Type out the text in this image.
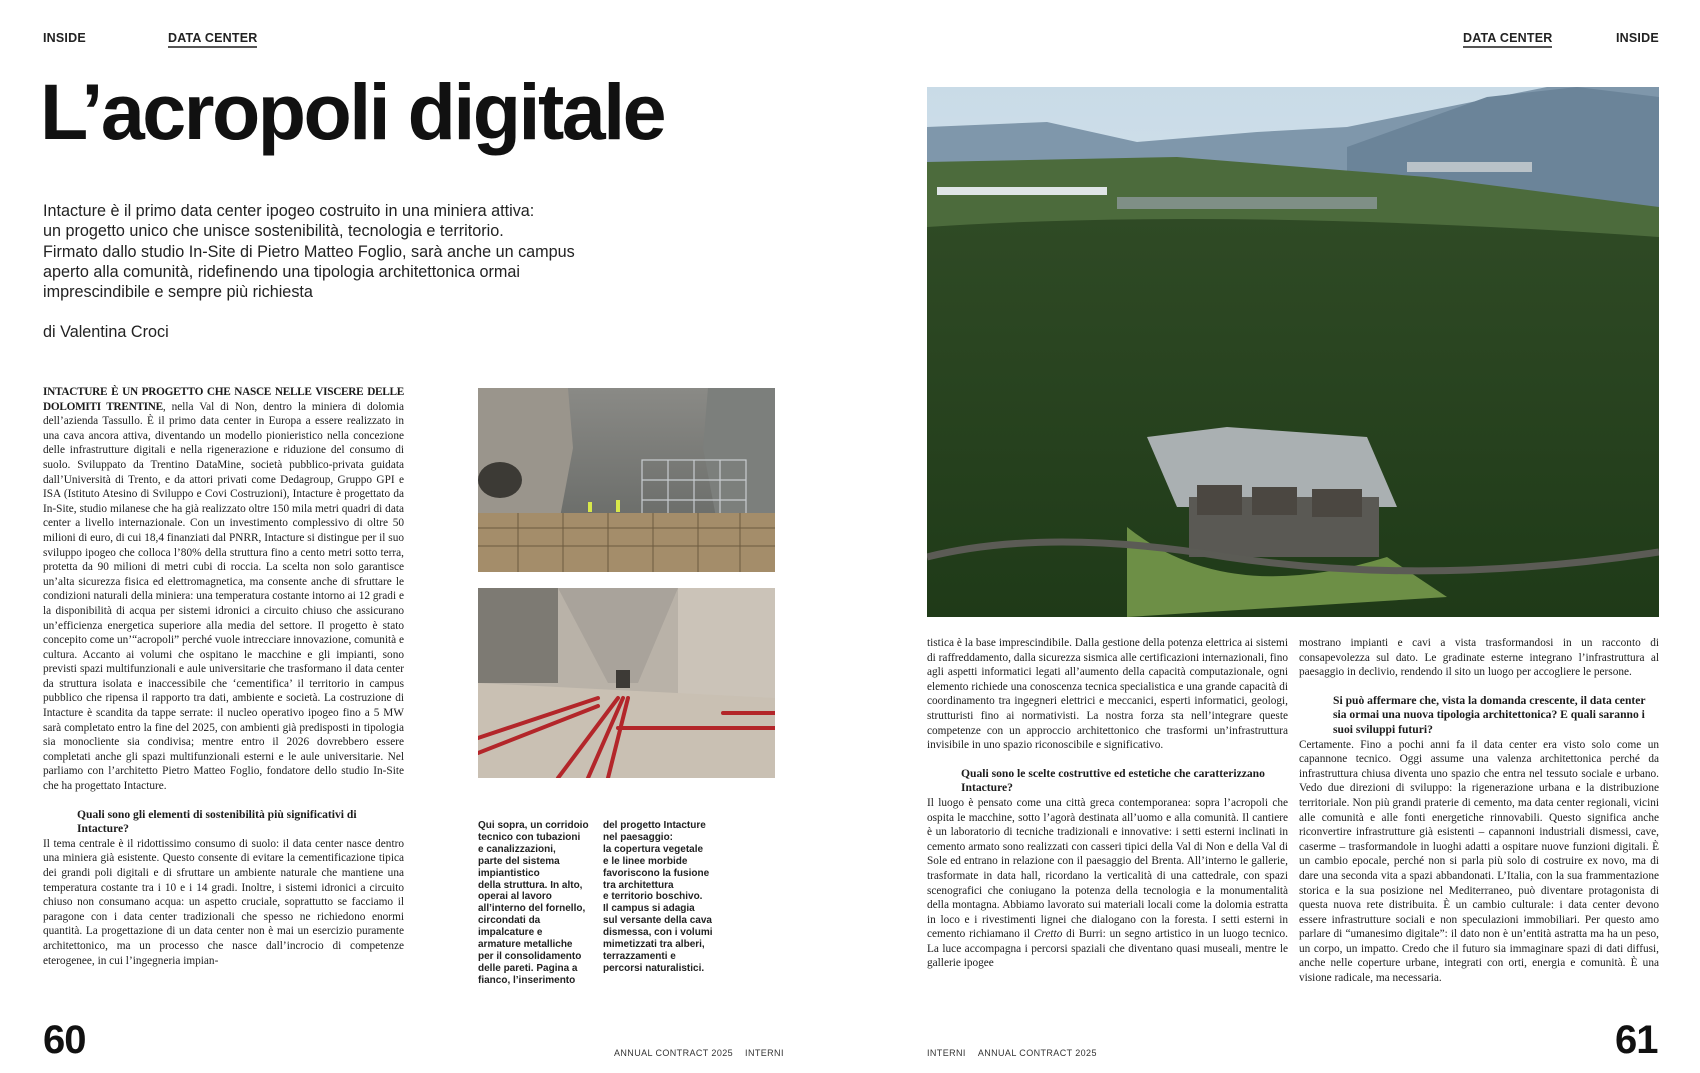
INSIDE	DATA CENTER
L’acropoli digitale
Intacture è il primo data center ipogeo costruito in una miniera attiva:
un progetto unico che unisce sostenibilità, tecnologia e territorio.
Firmato dallo studio In-Site di Pietro Matteo Foglio, sarà anche un campus
aperto alla comunità, ridefinendo una tipologia architettonica ormai
imprescindibile e sempre più richiesta
di Valentina Croci

INTACTURE È UN PROGETTO CHE NASCE NELLE VISCERE DELLE DOLOMITI TRENTINE, nella Val di Non, dentro la miniera di dolomia dell’azienda Tassullo. È il primo data center in Europa a essere realizzato in una cava ancora attiva, diventando un modello pionieristico nella concezione delle infrastrutture digitali e nella rigenerazione e riduzione del consumo di suolo. Sviluppato da Trentino DataMine, società pubblico-privata guidata dall’Università di Trento, e da attori privati come Dedagroup, Gruppo GPI e ISA (Istituto Atesino di Sviluppo e Covi Costruzioni), Intacture è progettato da In-Site, studio milanese che ha già realizzato oltre 150 mila metri quadri di data center a livello internazionale. Con un investimento complessivo di oltre 50 milioni di euro, di cui 18,4 finanziati dal PNRR, Intacture si distingue per il suo sviluppo ipogeo che colloca l’80% della struttura fino a cento metri sotto terra, protetta da 90 milioni di metri cubi di roccia. La scelta non solo garantisce un’alta sicurezza fisica ed elettromagnetica, ma consente anche di sfruttare le condizioni naturali della miniera: una temperatura costante intorno ai 12 gradi e la disponibilità di acqua per sistemi idronici a circuito chiuso che assicurano un’efficienza energetica superiore alla media del settore. Il progetto è stato concepito come un’“acropoli” perché vuole intrecciare innovazione, comunità e cultura. Accanto ai volumi che ospitano le macchine e gli impianti, sono previsti spazi multifunzionali e aule universitarie che trasformano il data center da struttura isolata e inaccessibile che ‘cementifica’ il territorio in campus pubblico che ripensa il rapporto tra dati, ambiente e società. La costruzione di Intacture è scandita da tappe serrate: il nucleo operativo ipogeo fino a 5 MW sarà completato entro la fine del 2025, con ambienti già predisposti in tipologia sia monocliente sia condivisa; mentre entro il 2026 dovrebbero essere completati anche gli spazi multifunzionali esterni e le aule universitarie. Nel parliamo con l’architetto Pietro Matteo Foglio, fondatore dello studio In-Site che ha progettato Intacture.

Quali sono gli elementi di sostenibilità più significativi di Intacture?

Il tema centrale è il ridottissimo consumo di suolo: il data center nasce dentro una miniera già esistente. Questo consente di evitare la cementificazione tipica dei grandi poli digitali e di sfruttare un ambiente naturale che mantiene una temperatura costante tra i 10 e i 14 gradi. Inoltre, i sistemi idronici a circuito chiuso non consumano acqua: un aspetto cruciale, soprattutto se facciamo il paragone con i data center tradizionali che spesso ne richiedono enormi quantità. La progettazione di un data center non è mai un esercizio puramente architettonico, ma un processo che nasce dall’incrocio di competenze eterogenee, in cui l’ingegneria impian-

Qui sopra, un corridoio
tecnico con tubazioni
e canalizzazioni,
parte del sistema
impiantistico
della struttura. In alto,
operai al lavoro
all’interno del fornello,
circondati da
impalcature e
armature metalliche
per il consolidamento
delle pareti. Pagina a
fianco, l’inserimento
del progetto Intacture
nel paesaggio:
la copertura vegetale
e le linee morbide
favoriscono la fusione
tra architettura
e territorio boschivo.
Il campus si adagia
sul versante della cava
dismessa, con i volumi
mimetizzati tra alberi,
terrazzamenti e
percorsi naturalistici.
60	ANNUAL CONTRACT 2025 INTERNI
DATA CENTER	INSIDE

tistica è la base imprescindibile. Dalla gestione della potenza elettrica ai sistemi di raffreddamento, dalla sicurezza sismica alle certificazioni internazionali, fino agli aspetti informatici legati all’aumento della capacità computazionale, ogni elemento richiede una conoscenza tecnica specialistica e una grande capacità di coordinamento tra ingegneri elettrici e meccanici, esperti informatici, geologi, strutturisti fino ai normativisti. La nostra forza sta nell’integrare queste competenze con un approccio architettonico che trasformi un’infrastruttura invisibile in uno spazio riconoscibile e significativo.

Quali sono le scelte costruttive ed estetiche che caratterizzano Intacture?

Il luogo è pensato come una città greca contemporanea: sopra l’acropoli che ospita le macchine, sotto l’agorà destinata all’uomo e alla comunità. Il cantiere è un laboratorio di tecniche tradizionali e innovative: i setti esterni inclinati in cemento armato sono realizzati con casseri tipici della Val di Non e della Val di Sole ed entrano in relazione con il paesaggio del Brenta. All’interno le gallerie, trasformate in data hall, ricordano la verticalità di una cattedrale, con spazi scenografici che coniugano la potenza della tecnologia e la monumentalità della montagna. Abbiamo lavorato sui materiali locali come la dolomia estratta in loco e i rivestimenti lignei che dialogano con la foresta. I setti esterni in cemento richiamano il Cretto di Burri: un segno artistico in un luogo tecnico. La luce accompagna i percorsi spaziali che diventano quasi museali, mentre le gallerie ipogee

mostrano impianti e cavi a vista trasformandosi in un racconto di consapevolezza sul dato. Le gradinate esterne integrano l’infrastruttura al paesaggio in declivio, rendendo il sito un luogo per accogliere le persone.

Si può affermare che, vista la domanda crescente, il data center sia ormai una nuova tipologia architettonica? E quali saranno i suoi sviluppi futuri?

Certamente. Fino a pochi anni fa il data center era visto solo come un capannone tecnico. Oggi assume una valenza architettonica perché da infrastruttura chiusa diventa uno spazio che entra nel tessuto sociale e urbano. Vedo due direzioni di sviluppo: la rigenerazione urbana e la distribuzione territoriale. Non più grandi praterie di cemento, ma data center regionali, vicini alle comunità e alle fonti energetiche rinnovabili. Questo significa anche riconvertire infrastrutture già esistenti – capannoni industriali dismessi, cave, caserme – trasformandole in luoghi adatti a ospitare nuove funzioni digitali. È un cambio epocale, perché non si parla più solo di costruire ex novo, ma di dare una seconda vita a spazi abbandonati. L’Italia, con la sua frammentazione storica e la sua posizione nel Mediterraneo, può diventare protagonista di questa nuova rete distribuita. È un cambio culturale: i data center devono essere infrastrutture sociali e non speculazioni immobiliari. Per questo amo parlare di “umanesimo digitale”: il dato non è un’entità astratta ma ha un peso, un corpo, un impatto. Credo che il futuro sia immaginare spazi di dati diffusi, anche nelle coperture urbane, integrati con orti, energia e comunità. È una visione radicale, ma necessaria.

INTERNI ANNUAL CONTRACT 2025	61
